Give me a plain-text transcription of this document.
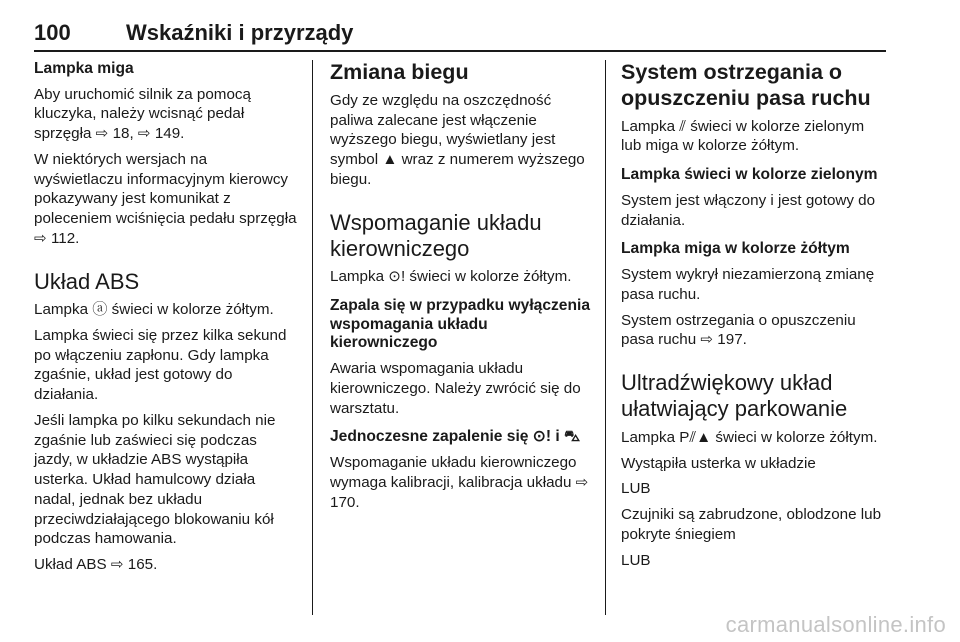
100	Wskaźniki i przyrządy
Lampka miga

Aby uruchomić silnik za pomocą kluczyka, należy wcisnąć pedał sprzęgła ⇨ 18, ⇨ 149.

W niektórych wersjach na wyświetlaczu informacyjnym kierowcy pokazywany jest komunikat z poleceniem wciśnięcia pedału sprzęgła ⇨ 112.

Układ ABS

Lampka ⓐ świeci w kolorze żółtym.

Lampka świeci się przez kilka sekund po włączeniu zapłonu. Gdy lampka zgaśnie, układ jest gotowy do działania.

Jeśli lampka po kilku sekundach nie zgaśnie lub zaświeci się podczas jazdy, w układzie ABS wystąpiła usterka. Układ hamulcowy działa nadal, jednak bez układu przeciwdziałającego blokowaniu kół podczas hamowania.

Układ ABS ⇨ 165.

Zmiana biegu

Gdy ze względu na oszczędność paliwa zalecane jest włączenie wyższego biegu, wyświetlany jest symbol ▲ wraz z numerem wyższego biegu.

Wspomaganie układu kierowniczego

Lampka ⊙! świeci w kolorze żółtym.

Zapala się w przypadku wyłączenia wspomagania układu kierowniczego

Awaria wspomagania układu kierowniczego. Należy zwrócić się do warsztatu.

Jednoczesne zapalenie się ⊙! i ⛍

Wspomaganie układu kierowniczego wymaga kalibracji, kalibracja układu ⇨ 170.

System ostrzegania o opuszczeniu pasa ruchu

Lampka ⫽ świeci w kolorze zielonym lub miga w kolorze żółtym.

Lampka świeci w kolorze zielonym

System jest włączony i jest gotowy do działania.

Lampka miga w kolorze żółtym

System wykrył niezamierzoną zmianę pasa ruchu.

System ostrzegania o opuszczeniu pasa ruchu ⇨ 197.

Ultradźwiękowy układ ułatwiający parkowanie

Lampka P⫽▲ świeci w kolorze żółtym.

Wystąpiła usterka w układzie

LUB

Czujniki są zabrudzone, oblodzone lub pokryte śniegiem

LUB

carmanualsonline.info
